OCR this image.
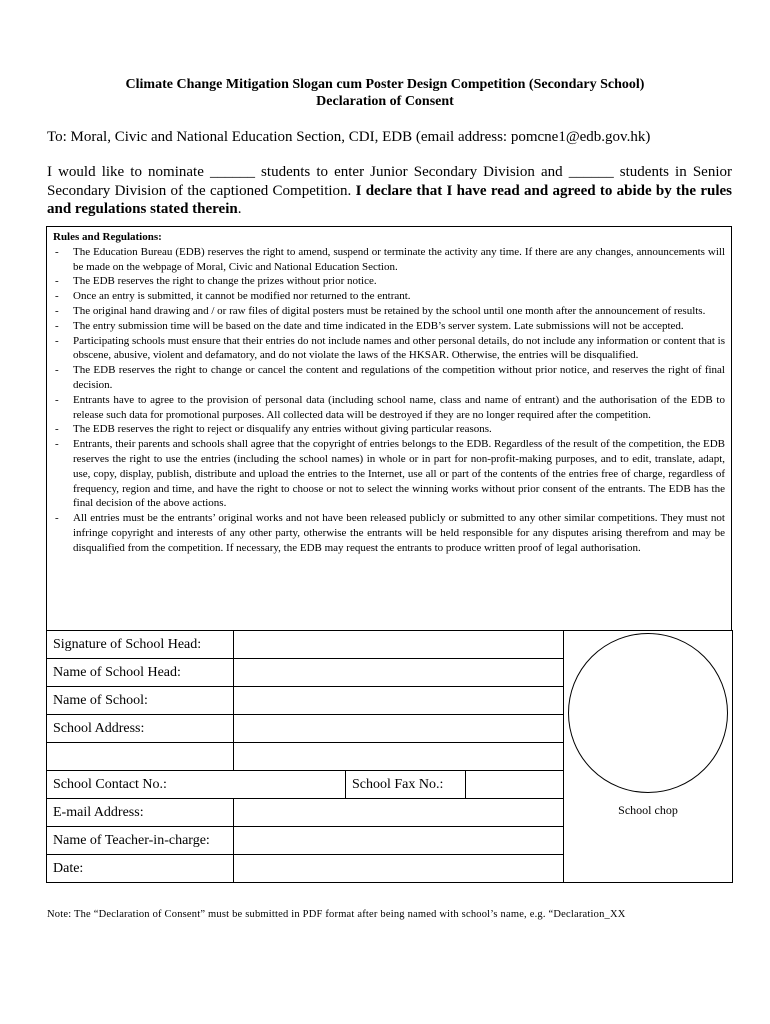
Climate Change Mitigation Slogan cum Poster Design Competition (Secondary School)
Declaration of Consent
To: Moral, Civic and National Education Section, CDI, EDB (email address: pomcne1@edb.gov.hk)
I would like to nominate ______ students to enter Junior Secondary Division and ______ students in Senior Secondary Division of the captioned Competition. I declare that I have read and agreed to abide by the rules and regulations stated therein.
Rules and Regulations:
- The Education Bureau (EDB) reserves the right to amend, suspend or terminate the activity any time. If there are any changes, announcements will be made on the webpage of Moral, Civic and National Education Section.
- The EDB reserves the right to change the prizes without prior notice.
- Once an entry is submitted, it cannot be modified nor returned to the entrant.
- The original hand drawing and / or raw files of digital posters must be retained by the school until one month after the announcement of results.
- The entry submission time will be based on the date and time indicated in the EDB’s server system. Late submissions will not be accepted.
- Participating schools must ensure that their entries do not include names and other personal details, do not include any information or content that is obscene, abusive, violent and defamatory, and do not violate the laws of the HKSAR. Otherwise, the entries will be disqualified.
- The EDB reserves the right to change or cancel the content and regulations of the competition without prior notice, and reserves the right of final decision.
- Entrants have to agree to the provision of personal data (including school name, class and name of entrant) and the authorisation of the EDB to release such data for promotional purposes. All collected data will be destroyed if they are no longer required after the competition.
- The EDB reserves the right to reject or disqualify any entries without giving particular reasons.
- Entrants, their parents and schools shall agree that the copyright of entries belongs to the EDB. Regardless of the result of the competition, the EDB reserves the right to use the entries (including the school names) in whole or in part for non-profit-making purposes, and to edit, translate, adapt, use, copy, display, publish, distribute and upload the entries to the Internet, use all or part of the contents of the entries free of charge, regardless of frequency, region and time, and have the right to choose or not to select the winning works without prior consent of the entrants. The EDB has the final decision of the above actions.
- All entries must be the entrants’ original works and not have been released publicly or submitted to any other similar competitions. They must not infringe copyright and interests of any other party, otherwise the entrants will be held responsible for any disputes arising therefrom and may be disqualified from the competition. If necessary, the EDB may request the entrants to produce written proof of legal authorisation.
Signature of School Head:				School chop

Name of School Head:				
Name of School:				
School Address:				

School Contact No.:		School Fax No.:		
E-mail Address:				
Name of Teacher-in-charge:				
Date:				
Note: The “Declaration of Consent” must be submitted in PDF format after being named with school’s name, e.g. “Declaration_XX
